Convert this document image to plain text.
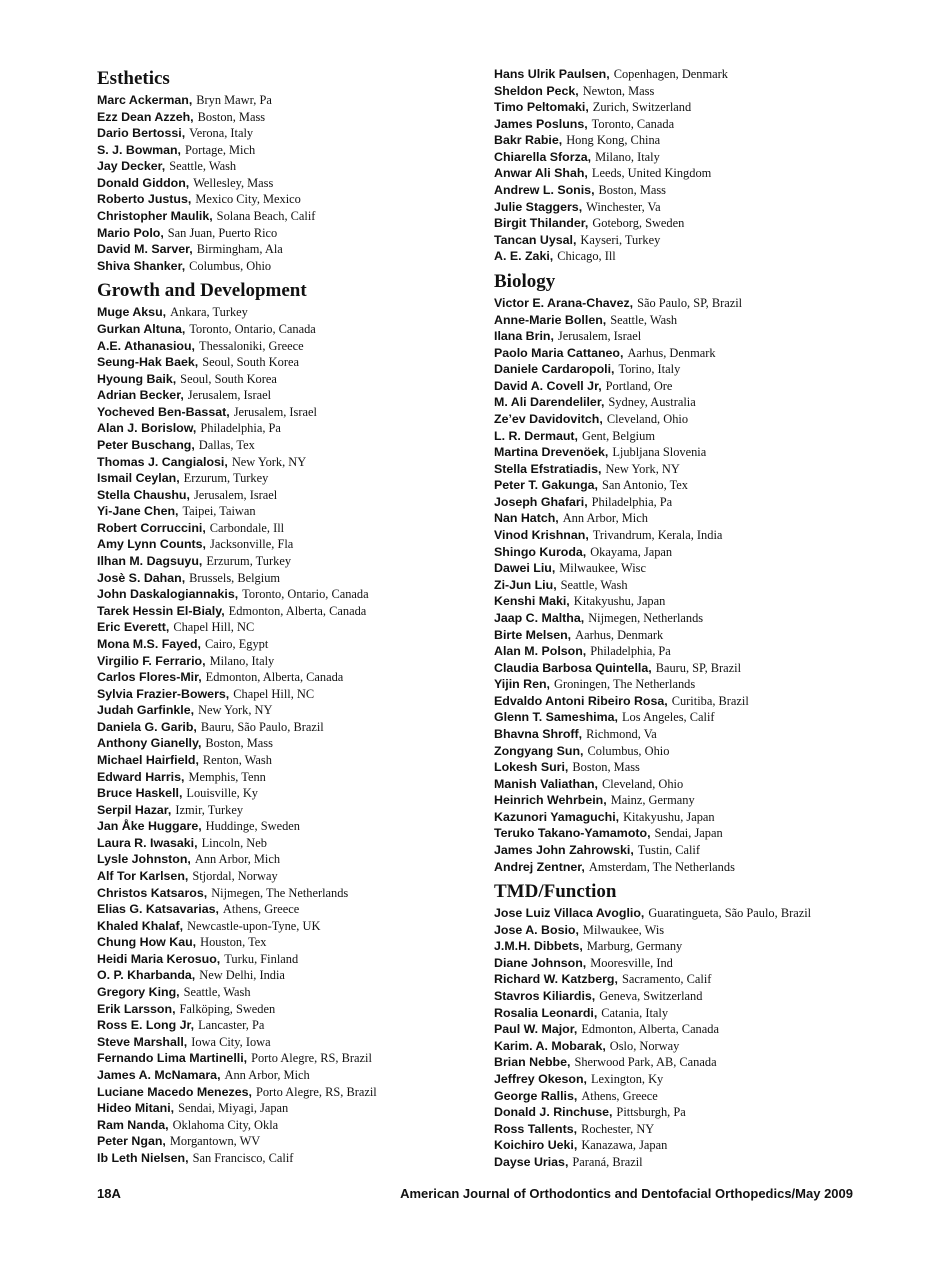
Esthetics
Marc Ackerman, Bryn Mawr, Pa
Ezz Dean Azzeh, Boston, Mass
Dario Bertossi, Verona, Italy
S. J. Bowman, Portage, Mich
Jay Decker, Seattle, Wash
Donald Giddon, Wellesley, Mass
Roberto Justus, Mexico City, Mexico
Christopher Maulik, Solana Beach, Calif
Mario Polo, San Juan, Puerto Rico
David M. Sarver, Birmingham, Ala
Shiva Shanker, Columbus, Ohio
Growth and Development
Muge Aksu, Ankara, Turkey
Gurkan Altuna, Toronto, Ontario, Canada
A.E. Athanasiou, Thessaloniki, Greece
Seung-Hak Baek, Seoul, South Korea
Hyoung Baik, Seoul, South Korea
Adrian Becker, Jerusalem, Israel
Yocheved Ben-Bassat, Jerusalem, Israel
Alan J. Borislow, Philadelphia, Pa
Peter Buschang, Dallas, Tex
Thomas J. Cangialosi, New York, NY
Ismail Ceylan, Erzurum, Turkey
Stella Chaushu, Jerusalem, Israel
Yi-Jane Chen, Taipei, Taiwan
Robert Corruccini, Carbondale, Ill
Amy Lynn Counts, Jacksonville, Fla
Ilhan M. Dagsuyu, Erzurum, Turkey
Josè S. Dahan, Brussels, Belgium
John Daskalogiannakis, Toronto, Ontario, Canada
Tarek Hessin El-Bialy, Edmonton, Alberta, Canada
Eric Everett, Chapel Hill, NC
Mona M.S. Fayed, Cairo, Egypt
Virgilio F. Ferrario, Milano, Italy
Carlos Flores-Mir, Edmonton, Alberta, Canada
Sylvia Frazier-Bowers, Chapel Hill, NC
Judah Garfinkle, New York, NY
Daniela G. Garib, Bauru, São Paulo, Brazil
Anthony Gianelly, Boston, Mass
Michael Hairfield, Renton, Wash
Edward Harris, Memphis, Tenn
Bruce Haskell, Louisville, Ky
Serpil Hazar, Izmir, Turkey
Jan Åke Huggare, Huddinge, Sweden
Laura R. Iwasaki, Lincoln, Neb
Lysle Johnston, Ann Arbor, Mich
Alf Tor Karlsen, Stjordal, Norway
Christos Katsaros, Nijmegen, The Netherlands
Elias G. Katsavarias, Athens, Greece
Khaled Khalaf, Newcastle-upon-Tyne, UK
Chung How Kau, Houston, Tex
Heidi Maria Kerosuo, Turku, Finland
O. P. Kharbanda, New Delhi, India
Gregory King, Seattle, Wash
Erik Larsson, Falköping, Sweden
Ross E. Long Jr, Lancaster, Pa
Steve Marshall, Iowa City, Iowa
Fernando Lima Martinelli, Porto Alegre, RS, Brazil
James A. McNamara, Ann Arbor, Mich
Luciane Macedo Menezes, Porto Alegre, RS, Brazil
Hideo Mitani, Sendai, Miyagi, Japan
Ram Nanda, Oklahoma City, Okla
Peter Ngan, Morgantown, WV
Ib Leth Nielsen, San Francisco, Calif
Hans Ulrik Paulsen, Copenhagen, Denmark
Sheldon Peck, Newton, Mass
Timo Peltomaki, Zurich, Switzerland
James Posluns, Toronto, Canada
Bakr Rabie, Hong Kong, China
Chiarella Sforza, Milano, Italy
Anwar Ali Shah, Leeds, United Kingdom
Andrew L. Sonis, Boston, Mass
Julie Staggers, Winchester, Va
Birgit Thilander, Goteborg, Sweden
Tancan Uysal, Kayseri, Turkey
A. E. Zaki, Chicago, Ill
Biology
Victor E. Arana-Chavez, São Paulo, SP, Brazil
Anne-Marie Bollen, Seattle, Wash
Ilana Brin, Jerusalem, Israel
Paolo Maria Cattaneo, Aarhus, Denmark
Daniele Cardaropoli, Torino, Italy
David A. Covell Jr, Portland, Ore
M. Ali Darendeliler, Sydney, Australia
Ze’ev Davidovitch, Cleveland, Ohio
L. R. Dermaut, Gent, Belgium
Martina Drevenöek, Ljubljana Slovenia
Stella Efstratiadis, New York, NY
Peter T. Gakunga, San Antonio, Tex
Joseph Ghafari, Philadelphia, Pa
Nan Hatch, Ann Arbor, Mich
Vinod Krishnan, Trivandrum, Kerala, India
Shingo Kuroda, Okayama, Japan
Dawei Liu, Milwaukee, Wisc
Zi-Jun Liu, Seattle, Wash
Kenshi Maki, Kitakyushu, Japan
Jaap C. Maltha, Nijmegen, Netherlands
Birte Melsen, Aarhus, Denmark
Alan M. Polson, Philadelphia, Pa
Claudia Barbosa Quintella, Bauru, SP, Brazil
Yijin Ren, Groningen, The Netherlands
Edvaldo Antoni Ribeiro Rosa, Curitiba, Brazil
Glenn T. Sameshima, Los Angeles, Calif
Bhavna Shroff, Richmond, Va
Zongyang Sun, Columbus, Ohio
Lokesh Suri, Boston, Mass
Manish Valiathan, Cleveland, Ohio
Heinrich Wehrbein, Mainz, Germany
Kazunori Yamaguchi, Kitakyushu, Japan
Teruko Takano-Yamamoto, Sendai, Japan
James John Zahrowski, Tustin, Calif
Andrej Zentner, Amsterdam, The Netherlands
TMD/Function
Jose Luiz Villaca Avoglio, Guaratingueta, São Paulo, Brazil
Jose A. Bosio, Milwaukee, Wis
J.M.H. Dibbets, Marburg, Germany
Diane Johnson, Mooresville, Ind
Richard W. Katzberg, Sacramento, Calif
Stavros Kiliardis, Geneva, Switzerland
Rosalia Leonardi, Catania, Italy
Paul W. Major, Edmonton, Alberta, Canada
Karim. A. Mobarak, Oslo, Norway
Brian Nebbe, Sherwood Park, AB, Canada
Jeffrey Okeson, Lexington, Ky
George Rallis, Athens, Greece
Donald J. Rinchuse, Pittsburgh, Pa
Ross Tallents, Rochester, NY
Koichiro Ueki, Kanazawa, Japan
Dayse Urias, Paraná, Brazil
18A	American Journal of Orthodontics and Dentofacial Orthopedics/May 2009
